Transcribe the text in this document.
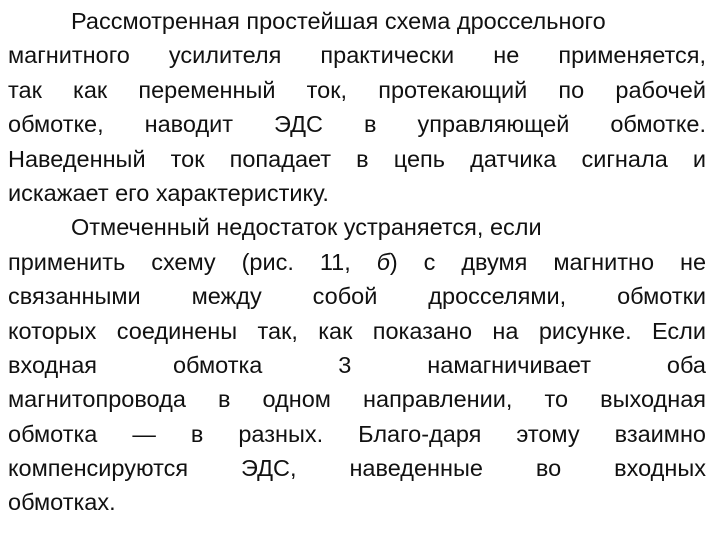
Рассмотренная простейшая схема дроссельного
магнитного усилителя практически не применяется,
так как переменный ток, протекающий по рабочей
обмотке, наводит ЭДС в управляющей обмотке.
Наведенный ток попадает в цепь датчика сигнала и
искажает его характеристику.
Отмеченный недостаток устраняется, если
применить схему (рис. 11, б) с двумя магнитно не
связанными между собой дросселями, обмотки
которых соединены так, как показано на рисунке. Если
входная обмотка 3 намагничивает оба
магнитопровода в одном направлении, то выходная
обмотка — в разных. Благо-даря этому взаимно
компенсируются ЭДС, наведенные во входных
обмотках.
